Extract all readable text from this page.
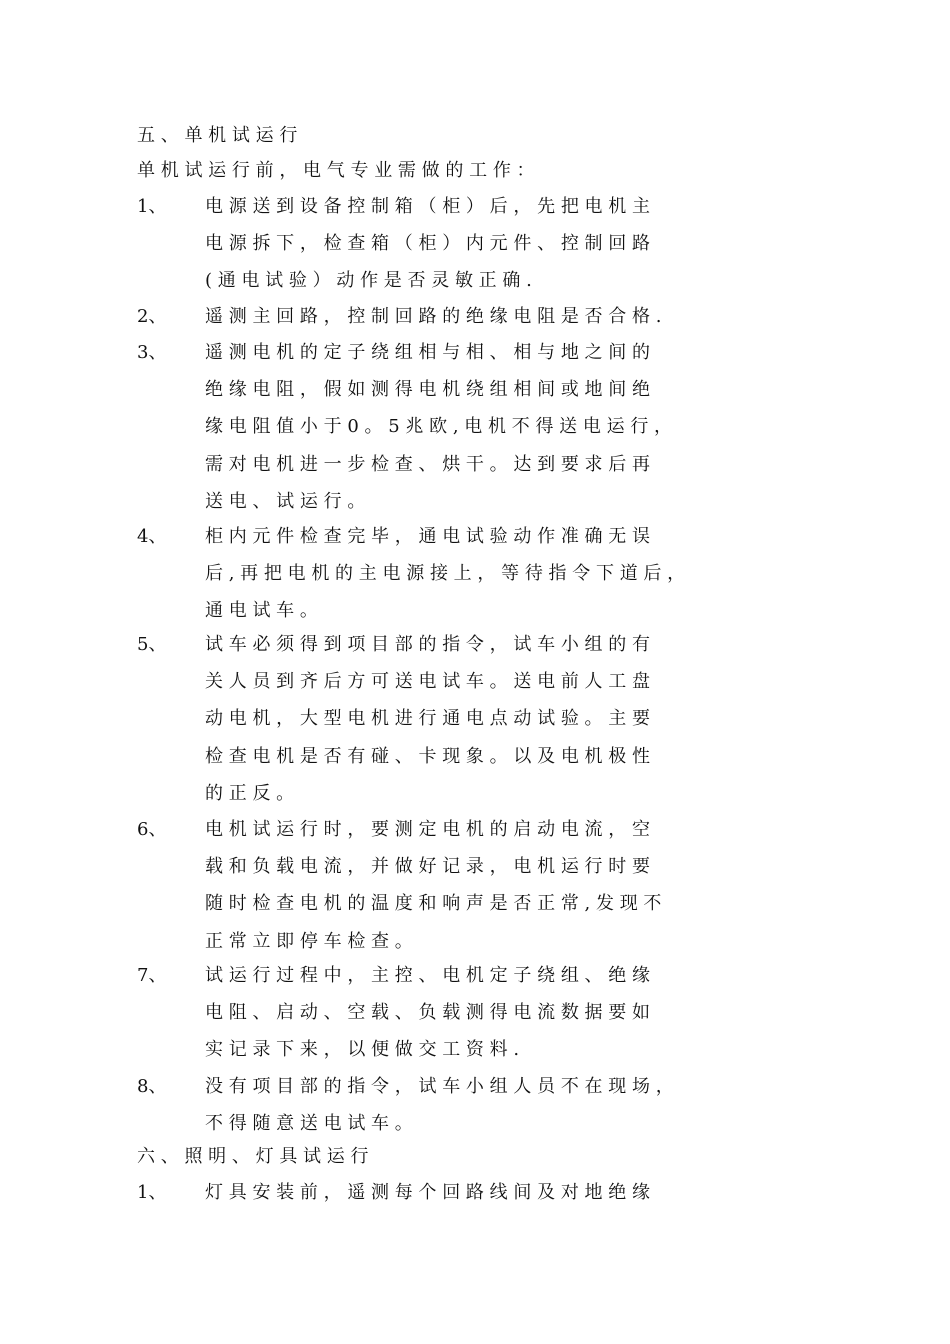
五 、 单 机 试 运 行
单 机 试 运 行 前 ， 电 气 专 业 需 做 的 工 作 ：
1、 电 源 送 到 设 备 控 制 箱 （ 柜 ） 后 ， 先 把 电 机 主
电 源 拆 下 ， 检 查 箱 （ 柜 ） 内 元 件 、 控 制 回 路
( 通 电 试 验 ） 动 作 是 否 灵 敏 正 确 .
2、 遥 测 主 回 路 ， 控 制 回 路 的 绝 缘 电 阻 是 否 合 格 .
3、 遥 测 电 机 的 定 子 绕 组 相 与 相 、 相 与 地 之 间 的
绝 缘 电 阻 ， 假 如 测 得 电 机 绕 组 相 间 或 地 间 绝
缘 电 阻 值 小 于 0 。 5 兆 欧 , 电 机 不 得 送 电 运 行 ，
需 对 电 机 进 一 步 检 查 、 烘 干 。 达 到 要 求 后 再
送 电 、 试 运 行 。
4、 柜 内 元 件 检 查 完 毕 ， 通 电 试 验 动 作 准 确 无 误
后 , 再 把 电 机 的 主 电 源 接 上 ， 等 待 指 令 下 道 后 ，
通 电 试 车 。
5、 试 车 必 须 得 到 项 目 部 的 指 令 ， 试 车 小 组 的 有
关 人 员 到 齐 后 方 可 送 电 试 车 。 送 电 前 人 工 盘
动 电 机 ， 大 型 电 机 进 行 通 电 点 动 试 验 。 主 要
检 查 电 机 是 否 有 碰 、 卡 现 象 。 以 及 电 机 极 性
的 正 反 。
6、 电 机 试 运 行 时 ， 要 测 定 电 机 的 启 动 电 流 ， 空
载 和 负 载 电 流 ， 并 做 好 记 录 ， 电 机 运 行 时 要
随 时 检 查 电 机 的 温 度 和 响 声 是 否 正 常 , 发 现 不
正 常 立 即 停 车 检 查 。
7、 试 运 行 过 程 中 ， 主 控 、 电 机 定 子 绕 组 、 绝 缘
电 阻 、 启 动 、 空 载 、 负 载 测 得 电 流 数 据 要 如
实 记 录 下 来 ， 以 便 做 交 工 资 料 .
8、 没 有 项 目 部 的 指 令 ， 试 车 小 组 人 员 不 在 现 场 ，
不 得 随 意 送 电 试 车 。
六 、 照 明 、 灯 具 试 运 行
1、 灯 具 安 装 前 ， 遥 测 每 个 回 路 线 间 及 对 地 绝 缘
